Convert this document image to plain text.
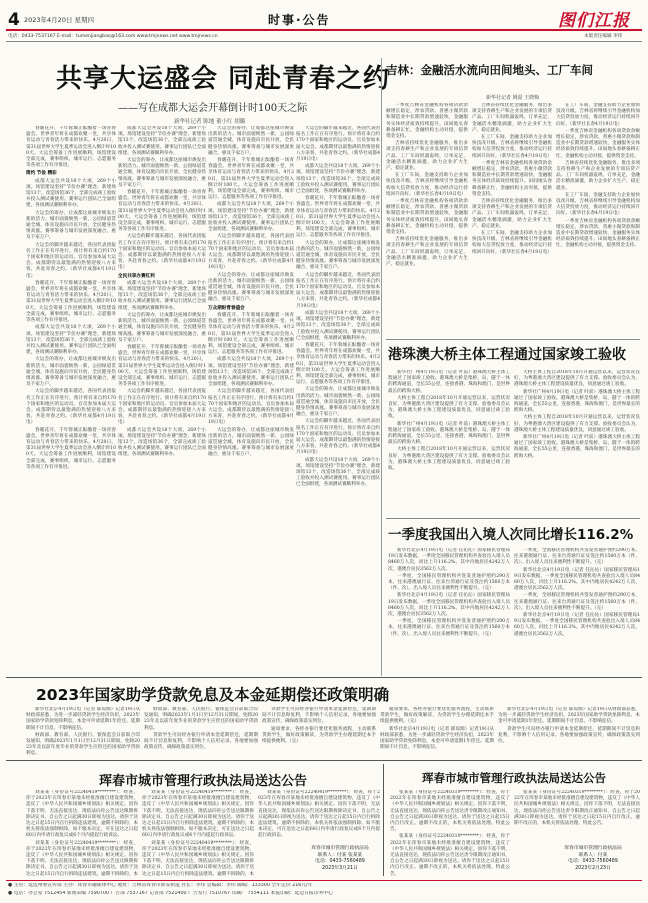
4 2023年4月20日 星期四	时事·公告	图们江报
电话：0433-7537167 E-mail：tumenjiangbao@163.com www.tmjnews.net www.tmjnews.cn	本版责任编辑 李伟
共享大运盛会 同赴青春之约
——写在成都大运会开幕倒计时100天之际
新华社记者 陈地 董小红 胡璐

春暖花开，千年蓉城正酝酿着一场青春盛会。世界青年将在成都欢聚一堂，共享体育运动与青春活力带来的快乐。4月20日，第31届世界大学生夏季运动会进入倒计时100天。大运会筹备工作进展顺利，场馆建设全部完成，赛事组织、城市运行、志愿服务等各项工作有序推进。

简约 节俭 精彩

成都大运会共设18个大项，269个小项。场馆建设坚持"节俭办赛"理念，新建场馆13个，改造场馆36个，全部完成竣工验收并投入测试赛使用。赛事运行团队已全面组建，各项测试赛顺利举办。

大运会的筹办，让成都这座城市焕发出新的活力。城市面貌焕然一新，公园绿道贯通全城，体育设施向市民开放，全民健身热情高涨。赛事筹备与城市发展深度融合，惠及千家万户。

大运会的脚步越来越近，各国代表团报名工作正在有序进行。预计将有来自约170个国家和地区的运动员、官员参加本届大运会。成都期待以最饱满的热情迎接八方来客，共赴青春之约。（新华社成都4月19日电）

春暖花开，千年蓉城正酝酿着一场青春盛会。世界青年将在成都欢聚一堂，共享体育运动与青春活力带来的快乐。4月20日，第31届世界大学生夏季运动会进入倒计时100天。大运会筹备工作进展顺利，场馆建设全部完成，赛事组织、城市运行、志愿服务等各项工作有序推进。

成都大运会共设18个大项，269个小项。场馆建设坚持"节俭办赛"理念，新建场馆13个，改造场馆36个，全部完成竣工验收并投入测试赛使用。赛事运行团队已全面组建，各项测试赛顺利举办。

大运会的筹办，让成都这座城市焕发出新的活力。城市面貌焕然一新，公园绿道贯通全城，体育设施向市民开放，全民健身热情高涨。赛事筹备与城市发展深度融合，惠及千家万户。

大运会的脚步越来越近，各国代表团报名工作正在有序进行。预计将有来自约170个国家和地区的运动员、官员参加本届大运会。成都期待以最饱满的热情迎接八方来客，共赴青春之约。（新华社成都4月19日电）

春暖花开，千年蓉城正酝酿着一场青春盛会。世界青年将在成都欢聚一堂，共享体育运动与青春活力带来的快乐。4月20日，第31届世界大学生夏季运动会进入倒计时100天。大运会筹备工作进展顺利，场馆建设全部完成，赛事组织、城市运行、志愿服务等各项工作有序推进。

成都大运会共设18个大项，269个小项。场馆建设坚持"节俭办赛"理念，新建场馆13个，改造场馆36个，全部完成竣工验收并投入测试赛使用。赛事运行团队已全面组建，各项测试赛顺利举办。

大运会的筹办，让成都这座城市焕发出新的活力。城市面貌焕然一新，公园绿道贯通全城，体育设施向市民开放，全民健身热情高涨。赛事筹备与城市发展深度融合，惠及千家万户。

春暖花开，千年蓉城正酝酿着一场青春盛会。世界青年将在成都欢聚一堂，共享体育运动与青春活力带来的快乐。4月20日，第31届世界大学生夏季运动会进入倒计时100天。大运会筹备工作进展顺利，场馆建设全部完成，赛事组织、城市运行、志愿服务等各项工作有序推进。

大运会的脚步越来越近，各国代表团报名工作正在有序进行。预计将有来自约170个国家和地区的运动员、官员参加本届大运会。成都期待以最饱满的热情迎接八方来客，共赴青春之约。（新华社成都4月19日电）

全民共享办赛红利

成都大运会共设18个大项，269个小项。场馆建设坚持"节俭办赛"理念，新建场馆13个，改造场馆36个，全部完成竣工验收并投入测试赛使用。赛事运行团队已全面组建，各项测试赛顺利举办。

大运会的筹办，让成都这座城市焕发出新的活力。城市面貌焕然一新，公园绿道贯通全城，体育设施向市民开放，全民健身热情高涨。赛事筹备与城市发展深度融合，惠及千家万户。

春暖花开，千年蓉城正酝酿着一场青春盛会。世界青年将在成都欢聚一堂，共享体育运动与青春活力带来的快乐。4月20日，第31届世界大学生夏季运动会进入倒计时100天。大运会筹备工作进展顺利，场馆建设全部完成，赛事组织、城市运行、志愿服务等各项工作有序推进。

大运会的脚步越来越近，各国代表团报名工作正在有序进行。预计将有来自约170个国家和地区的运动员、官员参加本届大运会。成都期待以最饱满的热情迎接八方来客，共赴青春之约。（新华社成都4月19日电）

成都大运会共设18个大项，269个小项。场馆建设坚持"节俭办赛"理念，新建场馆13个，改造场馆36个，全部完成竣工验收并投入测试赛使用。赛事运行团队已全面组建，各项测试赛顺利举办。

大运会的筹办，让成都这座城市焕发出新的活力。城市面貌焕然一新，公园绿道贯通全城，体育设施向市民开放，全民健身热情高涨。赛事筹备与城市发展深度融合，惠及千家万户。

春暖花开，千年蓉城正酝酿着一场青春盛会。世界青年将在成都欢聚一堂，共享体育运动与青春活力带来的快乐。4月20日，第31届世界大学生夏季运动会进入倒计时100天。大运会筹备工作进展顺利，场馆建设全部完成，赛事组织、城市运行、志愿服务等各项工作有序推进。

成都大运会共设18个大项，269个小项。场馆建设坚持"节俭办赛"理念，新建场馆13个，改造场馆36个，全部完成竣工验收并投入测试赛使用。赛事运行团队已全面组建，各项测试赛顺利举办。

大运会的脚步越来越近，各国代表团报名工作正在有序进行。预计将有来自约170个国家和地区的运动员、官员参加本届大运会。成都期待以最饱满的热情迎接八方来客，共赴青春之约。（新华社成都4月19日电）

大运会的筹办，让成都这座城市焕发出新的活力。城市面貌焕然一新，公园绿道贯通全城，体育设施向市民开放，全民健身热情高涨。赛事筹备与城市发展深度融合，惠及千家万户。

万众期盼青春盛会

春暖花开，千年蓉城正酝酿着一场青春盛会。世界青年将在成都欢聚一堂，共享体育运动与青春活力带来的快乐。4月20日，第31届世界大学生夏季运动会进入倒计时100天。大运会筹备工作进展顺利，场馆建设全部完成，赛事组织、城市运行、志愿服务等各项工作有序推进。

成都大运会共设18个大项，269个小项。场馆建设坚持"节俭办赛"理念，新建场馆13个，改造场馆36个，全部完成竣工验收并投入测试赛使用。赛事运行团队已全面组建，各项测试赛顺利举办。

大运会的脚步越来越近，各国代表团报名工作正在有序进行。预计将有来自约170个国家和地区的运动员、官员参加本届大运会。成都期待以最饱满的热情迎接八方来客，共赴青春之约。（新华社成都4月19日电）

大运会的筹办，让成都这座城市焕发出新的活力。城市面貌焕然一新，公园绿道贯通全城，体育设施向市民开放，全民健身热情高涨。赛事筹备与城市发展深度融合，惠及千家万户。

大运会的脚步越来越近，各国代表团报名工作正在有序进行。预计将有来自约170个国家和地区的运动员、官员参加本届大运会。成都期待以最饱满的热情迎接八方来客，共赴青春之约。（新华社成都4月19日电）

成都大运会共设18个大项，269个小项。场馆建设坚持"节俭办赛"理念，新建场馆13个，改造场馆36个，全部完成竣工验收并投入测试赛使用。赛事运行团队已全面组建，各项测试赛顺利举办。

春暖花开，千年蓉城正酝酿着一场青春盛会。世界青年将在成都欢聚一堂，共享体育运动与青春活力带来的快乐。4月20日，第31届世界大学生夏季运动会进入倒计时100天。大运会筹备工作进展顺利，场馆建设全部完成，赛事组织、城市运行、志愿服务等各项工作有序推进。

大运会的筹办，让成都这座城市焕发出新的活力。城市面貌焕然一新，公园绿道贯通全城，体育设施向市民开放，全民健身热情高涨。赛事筹备与城市发展深度融合，惠及千家万户。

大运会的脚步越来越近，各国代表团报名工作正在有序进行。预计将有来自约170个国家和地区的运动员、官员参加本届大运会。成都期待以最饱满的热情迎接八方来客，共赴青春之约。（新华社成都4月19日电）

成都大运会共设18个大项，269个小项。场馆建设坚持"节俭办赛"理念，新建场馆13个，改造场馆36个，全部完成竣工验收并投入测试赛使用。赛事运行团队已全面组建，各项测试赛顺利举办。

春暖花开，千年蓉城正酝酿着一场青春盛会。世界青年将在成都欢聚一堂，共享体育运动与青春活力带来的快乐。4月20日，第31届世界大学生夏季运动会进入倒计时100天。大运会筹备工作进展顺利，场馆建设全部完成，赛事组织、城市运行、志愿服务等各项工作有序推进。

大运会的筹办，让成都这座城市焕发出新的活力。城市面貌焕然一新，公园绿道贯通全城，体育设施向市民开放，全民健身热情高涨。赛事筹备与城市发展深度融合，惠及千家万户。

大运会的脚步越来越近，各国代表团报名工作正在有序进行。预计将有来自约170个国家和地区的运动员、官员参加本届大运会。成都期待以最饱满的热情迎接八方来客，共赴青春之约。（新华社成都4月19日电）

成都大运会共设18个大项，269个小项。场馆建设坚持"节俭办赛"理念，新建场馆13个，改造场馆36个，全部完成竣工验收并投入测试赛使用。赛事运行团队已全面组建，各项测试赛顺利举办。

吉林：金融活水流向田间地头、工厂车间
新华社记者 姚湜 王晓梅

一季度吉林省金融机构各项贷款余额增长稳定，涉农贷款、普惠小微贷款和制造业中长期贷款增速较快，金融服务实体经济质效持续提升。田间地头春耕备耕正忙，金融机构主动对接，提供资金支持。

吉林省持续优化金融服务，推出多项支持春耕生产和企业发展的专项信贷产品。工厂车间机器轰鸣，订单充足，金融活水精准滴灌，助力企业扩大生产、稳定就业。

在工厂车间，金融支持助力企业加快技改升级。吉林省将继续引导金融机构加大信贷投放力度，推动经济运行持续回升向好。（新华社长春4月19日电）

一季度吉林省金融机构各项贷款余额增长稳定，涉农贷款、普惠小微贷款和制造业中长期贷款增速较快，金融服务实体经济质效持续提升。田间地头春耕备耕正忙，金融机构主动对接，提供资金支持。

吉林省持续优化金融服务，推出多项支持春耕生产和企业发展的专项信贷产品。工厂车间机器轰鸣，订单充足，金融活水精准滴灌，助力企业扩大生产、稳定就业。

吉林省持续优化金融服务，推出多项支持春耕生产和企业发展的专项信贷产品。工厂车间机器轰鸣，订单充足，金融活水精准滴灌，助力企业扩大生产、稳定就业。

在工厂车间，金融支持助力企业加快技改升级。吉林省将继续引导金融机构加大信贷投放力度，推动经济运行持续回升向好。（新华社长春4月19日电）

一季度吉林省金融机构各项贷款余额增长稳定，涉农贷款、普惠小微贷款和制造业中长期贷款增速较快，金融服务实体经济质效持续提升。田间地头春耕备耕正忙，金融机构主动对接，提供资金支持。

吉林省持续优化金融服务，推出多项支持春耕生产和企业发展的专项信贷产品。工厂车间机器轰鸣，订单充足，金融活水精准滴灌，助力企业扩大生产、稳定就业。

在工厂车间，金融支持助力企业加快技改升级。吉林省将继续引导金融机构加大信贷投放力度，推动经济运行持续回升向好。（新华社长春4月19日电）

在工厂车间，金融支持助力企业加快技改升级。吉林省将继续引导金融机构加大信贷投放力度，推动经济运行持续回升向好。（新华社长春4月19日电）

一季度吉林省金融机构各项贷款余额增长稳定，涉农贷款、普惠小微贷款和制造业中长期贷款增速较快，金融服务实体经济质效持续提升。田间地头春耕备耕正忙，金融机构主动对接，提供资金支持。

吉林省持续优化金融服务，推出多项支持春耕生产和企业发展的专项信贷产品。工厂车间机器轰鸣，订单充足，金融活水精准滴灌，助力企业扩大生产、稳定就业。

在工厂车间，金融支持助力企业加快技改升级。吉林省将继续引导金融机构加大信贷投放力度，推动经济运行持续回升向好。（新华社长春4月19日电）

一季度吉林省金融机构各项贷款余额增长稳定，涉农贷款、普惠小微贷款和制造业中长期贷款增速较快，金融服务实体经济质效持续提升。田间地头春耕备耕正忙，金融机构主动对接，提供资金支持。

港珠澳大桥主体工程通过国家竣工验收

新华社广州4月19日电（记者 叶前）港珠澳大桥主体工程通过了国家竣工验收。港珠澳大桥是集桥、岛、隧于一体的跨海通道，全长55公里，连接香港、珠海和澳门，是世界最长的跨海大桥。

大桥主体工程自2018年10月开通运营以来，运营状况良好，为粤港澳大湾区建设提供了有力支撑。验收委员会认为，港珠澳大桥主体工程建设质量优良，同意通过竣工验收。

新华社广州4月19日电（记者 叶前）港珠澳大桥主体工程通过了国家竣工验收。港珠澳大桥是集桥、岛、隧于一体的跨海通道，全长55公里，连接香港、珠海和澳门，是世界最长的跨海大桥。

大桥主体工程自2018年10月开通运营以来，运营状况良好，为粤港澳大湾区建设提供了有力支撑。验收委员会认为，港珠澳大桥主体工程建设质量优良，同意通过竣工验收。

大桥主体工程自2018年10月开通运营以来，运营状况良好，为粤港澳大湾区建设提供了有力支撑。验收委员会认为，港珠澳大桥主体工程建设质量优良，同意通过竣工验收。

新华社广州4月19日电（记者 叶前）港珠澳大桥主体工程通过了国家竣工验收。港珠澳大桥是集桥、岛、隧于一体的跨海通道，全长55公里，连接香港、珠海和澳门，是世界最长的跨海大桥。

大桥主体工程自2018年10月开通运营以来，运营状况良好，为粤港澳大湾区建设提供了有力支撑。验收委员会认为，港珠澳大桥主体工程建设质量优良，同意通过竣工验收。

新华社广州4月19日电（记者 叶前）港珠澳大桥主体工程通过了国家竣工验收。港珠澳大桥是集桥、岛、隧于一体的跨海通道，全长55公里，连接香港、珠海和澳门，是世界最长的跨海大桥。

一季度我国出入境人次同比增长116.2%

新华社北京4月19日电（记者 任沁沁）国家移民管理局19日发布数据，一季度全国移民管理机构共查验出入境人员8460万人次，同比上升116.2%。其中内地居民4242万人次，港澳台居民3562万人次。

一季度，全国移民管理机构共签发普通护照约290万本，往来港澳通行证、往来台湾通行证及签注约1560万本（件、次）。出入境人员往来便利性不断提升。（完）

新华社北京4月19日电（记者 任沁沁）国家移民管理局19日发布数据，一季度全国移民管理机构共查验出入境人员8460万人次，同比上升116.2%。其中内地居民4242万人次，港澳台居民3562万人次。

一季度，全国移民管理机构共签发普通护照约290万本，往来港澳通行证、往来台湾通行证及签注约1560万本（件、次）。出入境人员往来便利性不断提升。（完）

一季度，全国移民管理机构共签发普通护照约290万本，往来港澳通行证、往来台湾通行证及签注约1560万本（件、次）。出入境人员往来便利性不断提升。（完）

新华社北京4月19日电（记者 任沁沁）国家移民管理局19日发布数据，一季度全国移民管理机构共查验出入境人员8460万人次，同比上升116.2%。其中内地居民4242万人次，港澳台居民3562万人次。

一季度，全国移民管理机构共签发普通护照约290万本，往来港澳通行证、往来台湾通行证及签注约1560万本（件、次）。出入境人员往来便利性不断提升。（完）

新华社北京4月19日电（记者 任沁沁）国家移民管理局19日发布数据，一季度全国移民管理机构共查验出入境人员8460万人次，同比上升116.2%。其中内地居民4242万人次，港澳台居民3562万人次。

2023年国家助学贷款免息及本金延期偿还政策明确

新华社北京4月19日电（记者 郁琼源）记者19日从财政部获悉，为进一步减轻贷款学生经济负担，2023年国家助学贷款免除利息，本金可申请延期1年偿还。延期期间不计罚息，不影响征信。

财政部、教育部、人民银行、银保监会日前联合印发通知，明确2023年1月1日至12月31日期间，免除2023年及以前年度毕业的贷款学生应偿还的国家助学贷款利息。

财政部、教育部、人民银行、银保监会日前联合印发通知，明确2023年1月1日至12月31日期间，免除2023年及以前年度毕业的贷款学生应偿还的国家助学贷款利息。

贷款学生可向经办银行申请本金延期偿还，延期期间不计罚息和复利，不影响个人信用记录。各地要加强政策宣传，确保政策落实到位。

贷款学生可向经办银行申请本金延期偿还，延期期间不计罚息和复利，不影响个人信用记录。各地要加强政策宣传，确保政策落实到位。

通知要求，各经办银行要优化服务流程，主动联系贷款学生，做好政策解读，为贷款学生办理延期还本手续提供便利。（完）

通知要求，各经办银行要优化服务流程，主动联系贷款学生，做好政策解读，为贷款学生办理延期还本手续提供便利。（完）

新华社北京4月19日电（记者 郁琼源）记者19日从财政部获悉，为进一步减轻贷款学生经济负担，2023年国家助学贷款免除利息，本金可申请延期1年偿还。延期期间不计罚息，不影响征信。

新华社北京4月19日电（记者 郁琼源）记者19日从财政部获悉，为进一步减轻贷款学生经济负担，2023年国家助学贷款免除利息，本金可申请延期1年偿还。延期期间不计罚息，不影响征信。

贷款学生可向经办银行申请本金延期偿还，延期期间不计罚息和复利，不影响个人信用记录。各地要加强政策宣传，确保政策落实到位。

珲春市城市管理行政执法局送达公告

刘某某（身份证号22240419********）：经查，你于2023年在珲春市某地未经批准擅自建设建筑物，违反了《中华人民共和国城乡规划法》相关规定。因你下落不明，无法直接送达，现依法向你公告送达限期拆除决定书，自公告之日起满30日即视为送达。请你于送达之日起15日内自行拆除违法建筑。逾期不拆除的，本机关将依法强制拆除。如不服本决定，可在送达之日起60日内申请行政复议或6个月内提起行政诉讼。

刘某某（身份证号22240419********）：经查，你于2023年在珲春市某地未经批准擅自建设建筑物，违反了《中华人民共和国城乡规划法》相关规定。因你下落不明，无法直接送达，现依法向你公告送达限期拆除决定书，自公告之日起满30日即视为送达。请你于送达之日起15日内自行拆除违法建筑。逾期不拆除的，本

刘某某（身份证号22240419********）：经查，你于2023年在珲春市某地未经批准擅自建设建筑物，违反了《中华人民共和国城乡规划法》相关规定。因你下落不明，无法直接送达，现依法向你公告送达限期拆除决定书，自公告之日起满30日即视为送达。请你于送达之日起15日内自行拆除违法建筑。逾期不拆除的，本机关将依法强制拆除。如不服本决定，可在送达之日起60日内申请行政复议或6个月内提起行政诉讼。

刘某某（身份证号22240419********）：经查，你于2023年在珲春市某地未经批准擅自建设建筑物，违反了《中华人民共和国城乡规划法》相关规定。因你下落不明，无法直接送达，现依法向你公告送达限期拆除决定书，自公告之日起满30日即视为送达。请你于送达之日起15日内自行拆除违法建筑。逾期不拆除的，本

刘某某（身份证号22240419********）：经查，你于2023年在珲春市某地未经批准擅自建设建筑物，违反了《中华人民共和国城乡规划法》相关规定。因你下落不明，无法直接送达，现依法向你公告送达限期拆除决定书，自公告之日起满30日即视为送达。请你于送达之日起15日内自行拆除违法建筑。逾期不拆除的，本机关将依法强制拆除。如不服本决定，可在送达之日起60日内申请行政复议或6个月内提起行政诉讼。

珲春市城市管理行政执法局
联系人：付某 张某某
电话：0433-7560489
2023年3月21日
珲春市城市管理行政执法局送达公告

张某某（身份证号22240319********）：经查，你于2022年在珲春市某地未经批准擅自建设建筑物，违反了《中华人民共和国城乡规划法》相关规定。因你下落不明，无法直接送达，现依法向你公告送达责令限期改正通知书，自公告之日起满30日即视为送达。请你于送达之日起15日内自行改正。逾期不改正的，本机关将依法处理。特此公告。

张某某（身份证号22240319********）：经查，你于2022年在珲春市某地未经批准擅自建设建筑物，违反了《中华人民共和国城乡规划法》相关规定。因你下落不明，无法直接送达，现依法向你公告送达责令限期改正通知书，自公告之日起满30日即视为送达。请你于送达之日起15日内自行改正。逾期不改正的，本机关将依法处理。特此公告。

张某某（身份证号22240319********）：经查，你于2022年在珲春市某地未经批准擅自建设建筑物，违反了《中华人民共和国城乡规划法》相关规定。因你下落不明，无法直接送达，现依法向你公告送达责令限期改正通知书，自公告之日起满30日即视为送达。请你于送达之日起15日内自行改正。逾期不改正的，本机关将依法处理。特此公告。

珲春市城市管理行政执法局
联系人：付某
电话：0433-7560489
2023年2月23日
● 主管：延边州委宣传部 主办：珲春市融媒体中心 地址：吉林省珲春市新安街道 社长：李伟 总编辑：李伟 邮编：133300 全年定价 216元/年
● 电话：办公室 7512454 新闻采编 7590700 广告部 7537167 记者部 7521400 广告发行 7510767 印刷厂 7554111 本报印刷：延边日报印务中心
